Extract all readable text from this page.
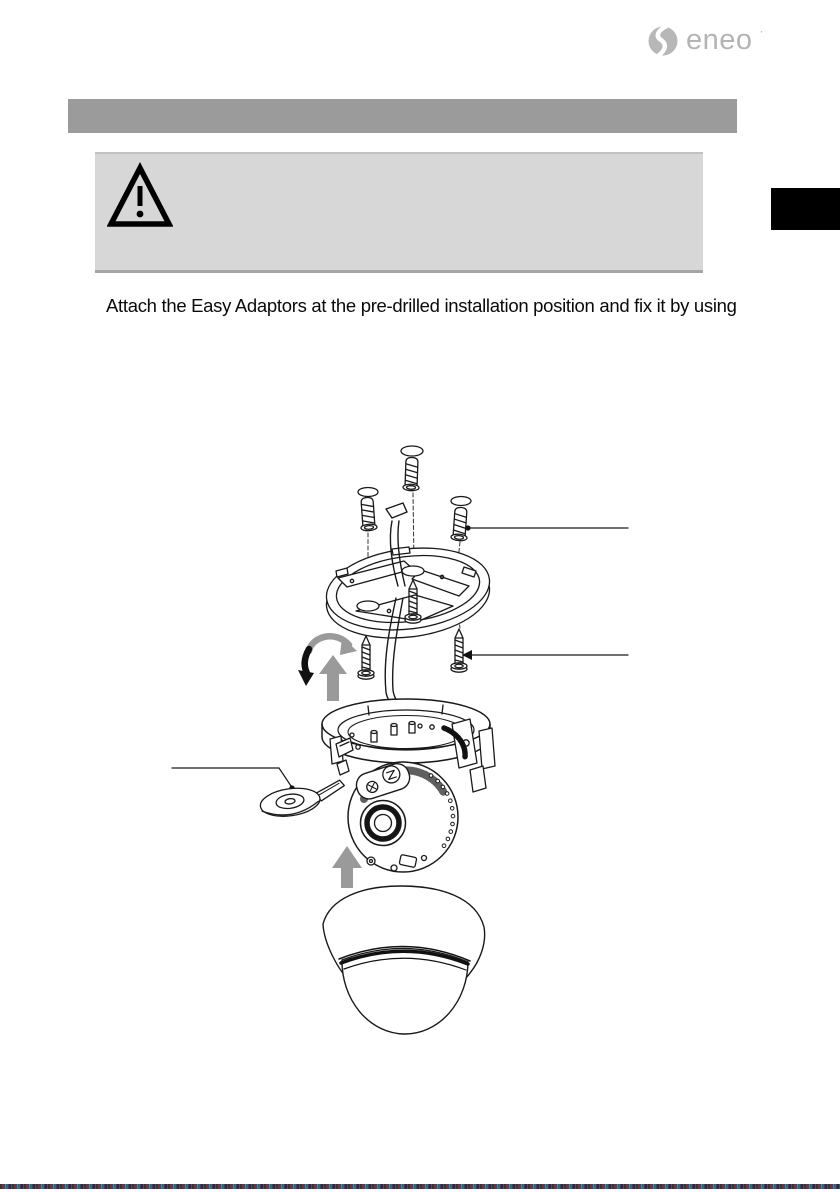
eneo ·
Attach the Easy Adaptors at the pre-drilled installation position and fix it by using
